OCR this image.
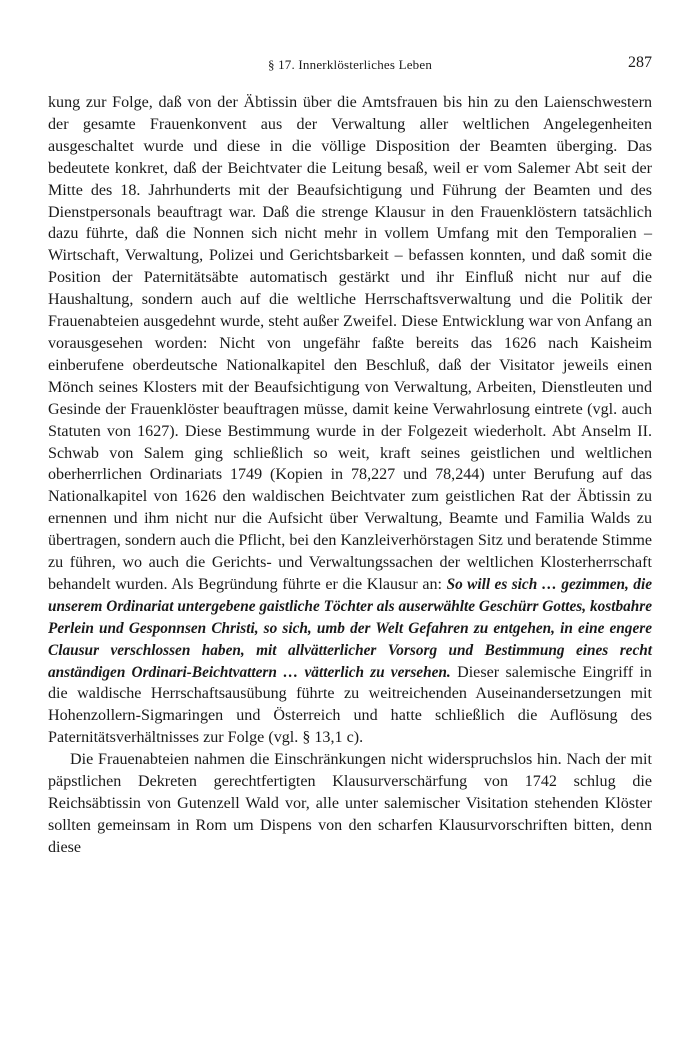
§ 17. Innerklösterliches Leben	287

kung zur Folge, daß von der Äbtissin über die Amtsfrauen bis hin zu den Laienschwestern der gesamte Frauenkonvent aus der Verwaltung aller weltlichen Angelegenheiten ausgeschaltet wurde und diese in die völlige Disposition der Beamten überging. Das bedeutete konkret, daß der Beichtvater die Leitung besaß, weil er vom Salemer Abt seit der Mitte des 18. Jahrhunderts mit der Beaufsichtigung und Führung der Beamten und des Dienstpersonals beauftragt war. Daß die strenge Klausur in den Frauenklöstern tatsächlich dazu führte, daß die Nonnen sich nicht mehr in vollem Umfang mit den Temporalien – Wirtschaft, Verwaltung, Polizei und Gerichtsbarkeit – befassen konnten, und daß somit die Position der Paternitätsäbte automatisch gestärkt und ihr Einfluß nicht nur auf die Haushaltung, sondern auch auf die weltliche Herrschaftsverwaltung und die Politik der Frauenabteien ausgedehnt wurde, steht außer Zweifel. Diese Entwicklung war von Anfang an vorausgesehen worden: Nicht von ungefähr faßte bereits das 1626 nach Kaisheim einberufene oberdeutsche Nationalkapitel den Beschluß, daß der Visitator jeweils einen Mönch seines Klosters mit der Beaufsichtigung von Verwaltung, Arbeiten, Dienstleuten und Gesinde der Frauenklöster beauftragen müsse, damit keine Verwahrlosung eintrete (vgl. auch Statuten von 1627). Diese Bestimmung wurde in der Folgezeit wiederholt. Abt Anselm II. Schwab von Salem ging schließlich so weit, kraft seines geistlichen und weltlichen oberherrlichen Ordinariats 1749 (Kopien in 78,227 und 78,244) unter Berufung auf das Nationalkapitel von 1626 den waldischen Beichtvater zum geistlichen Rat der Äbtissin zu ernennen und ihm nicht nur die Aufsicht über Verwaltung, Beamte und Familia Walds zu übertragen, sondern auch die Pflicht, bei den Kanzleiverhörstagen Sitz und beratende Stimme zu führen, wo auch die Gerichts- und Verwaltungssachen der weltlichen Klosterherrschaft behandelt wurden. Als Begründung führte er die Klausur an: So will es sich … gezimmen, die unserem Ordinariat untergebene gaistliche Töchter als auserwählte Geschürr Gottes, kostbahre Perlein und Gesponnsen Christi, so sich, umb der Welt Gefahren zu entgehen, in eine engere Clausur verschlossen haben, mit allvätterlicher Vorsorg und Bestimmung eines recht anständigen Ordinari-Beichtvattern … vätterlich zu versehen. Dieser salemische Eingriff in die waldische Herrschaftsausübung führte zu weitreichenden Auseinandersetzungen mit Hohenzollern-Sigmaringen und Österreich und hatte schließlich die Auflösung des Paternitätsverhältnisses zur Folge (vgl. § 13,1 c).

Die Frauenabteien nahmen die Einschränkungen nicht widerspruchslos hin. Nach der mit päpstlichen Dekreten gerechtfertigten Klausurverschärfung von 1742 schlug die Reichsäbtissin von Gutenzell Wald vor, alle unter salemischer Visitation stehenden Klöster sollten gemeinsam in Rom um Dispens von den scharfen Klausurvorschriften bitten, denn diese
